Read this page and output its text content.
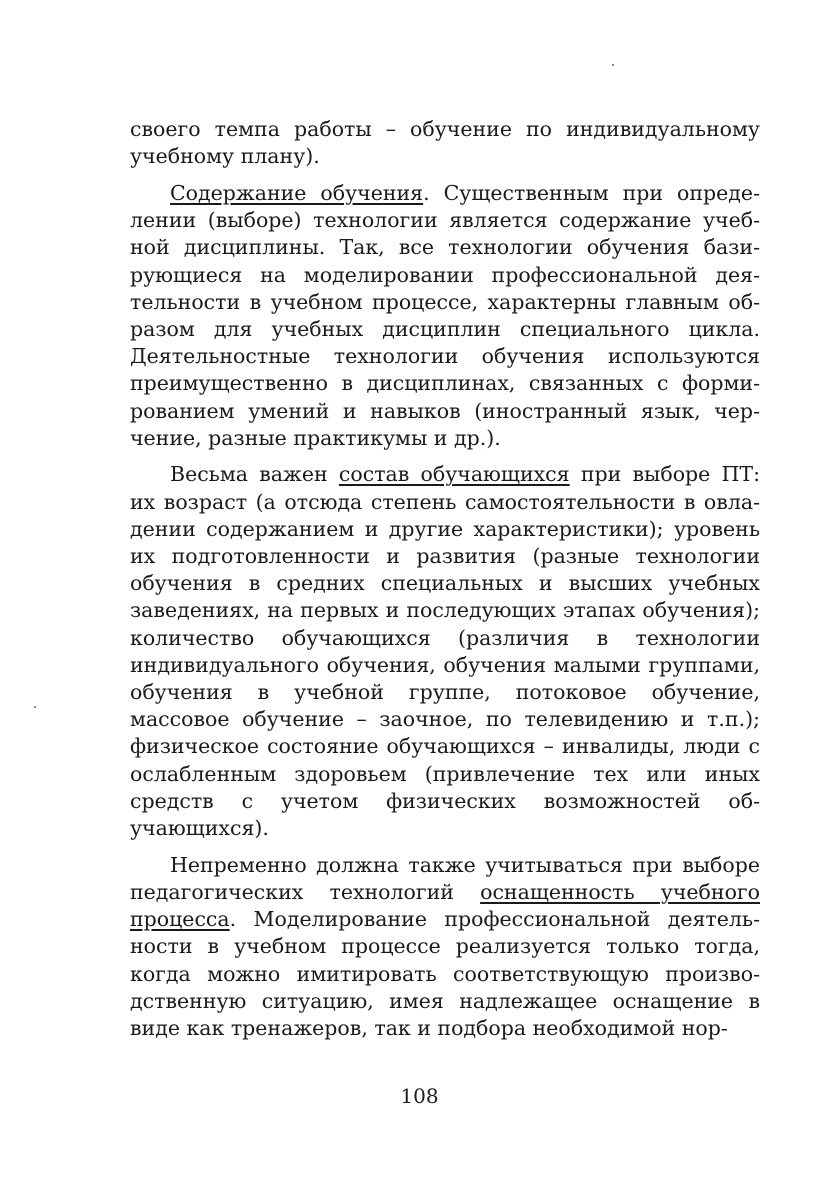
своего темпа работы – обучение по индивидуальному учебному плану).

Содержание обучения. Существенным при определении (выборе) технологии является содержание учебной дисциплины. Так, все технологии обучения базирующиеся на моделировании профессиональной деятельности в учебном процессе, характерны главным образом для учебных дисциплин специального цикла. Деятельностные технологии обучения используются преимущественно в дисциплинах, связанных с формированием умений и навыков (иностранный язык, черчение, разные практикумы и др.).

Весьма важен состав обучающихся при выборе ПТ: их возраст (а отсюда степень самостоятельности в овладении содержанием и другие характеристики); уровень их подготовленности и развития (разные технологии обучения в средних специальных и высших учебных заведениях, на первых и последующих этапах обучения); количество обучающихся (различия в технологии индивидуального обучения, обучения малыми группами, обучения в учебной группе, потоковое обучение, массовое обучение – заочное, по телевидению и т.п.); физическое состояние обучающихся – инвалиды, люди с ослабленным здоровьем (привлечение тех или иных средств с учетом физических возможностей обучающихся).

Непременно должна также учитываться при выборе педагогических технологий оснащенность учебного процесса. Моделирование профессиональной деятельности в учебном процессе реализуется только тогда, когда можно имитировать соответствующую производственную ситуацию, имея надлежащее оснащение в виде как тренажеров, так и подбора необходимой нор-

108
